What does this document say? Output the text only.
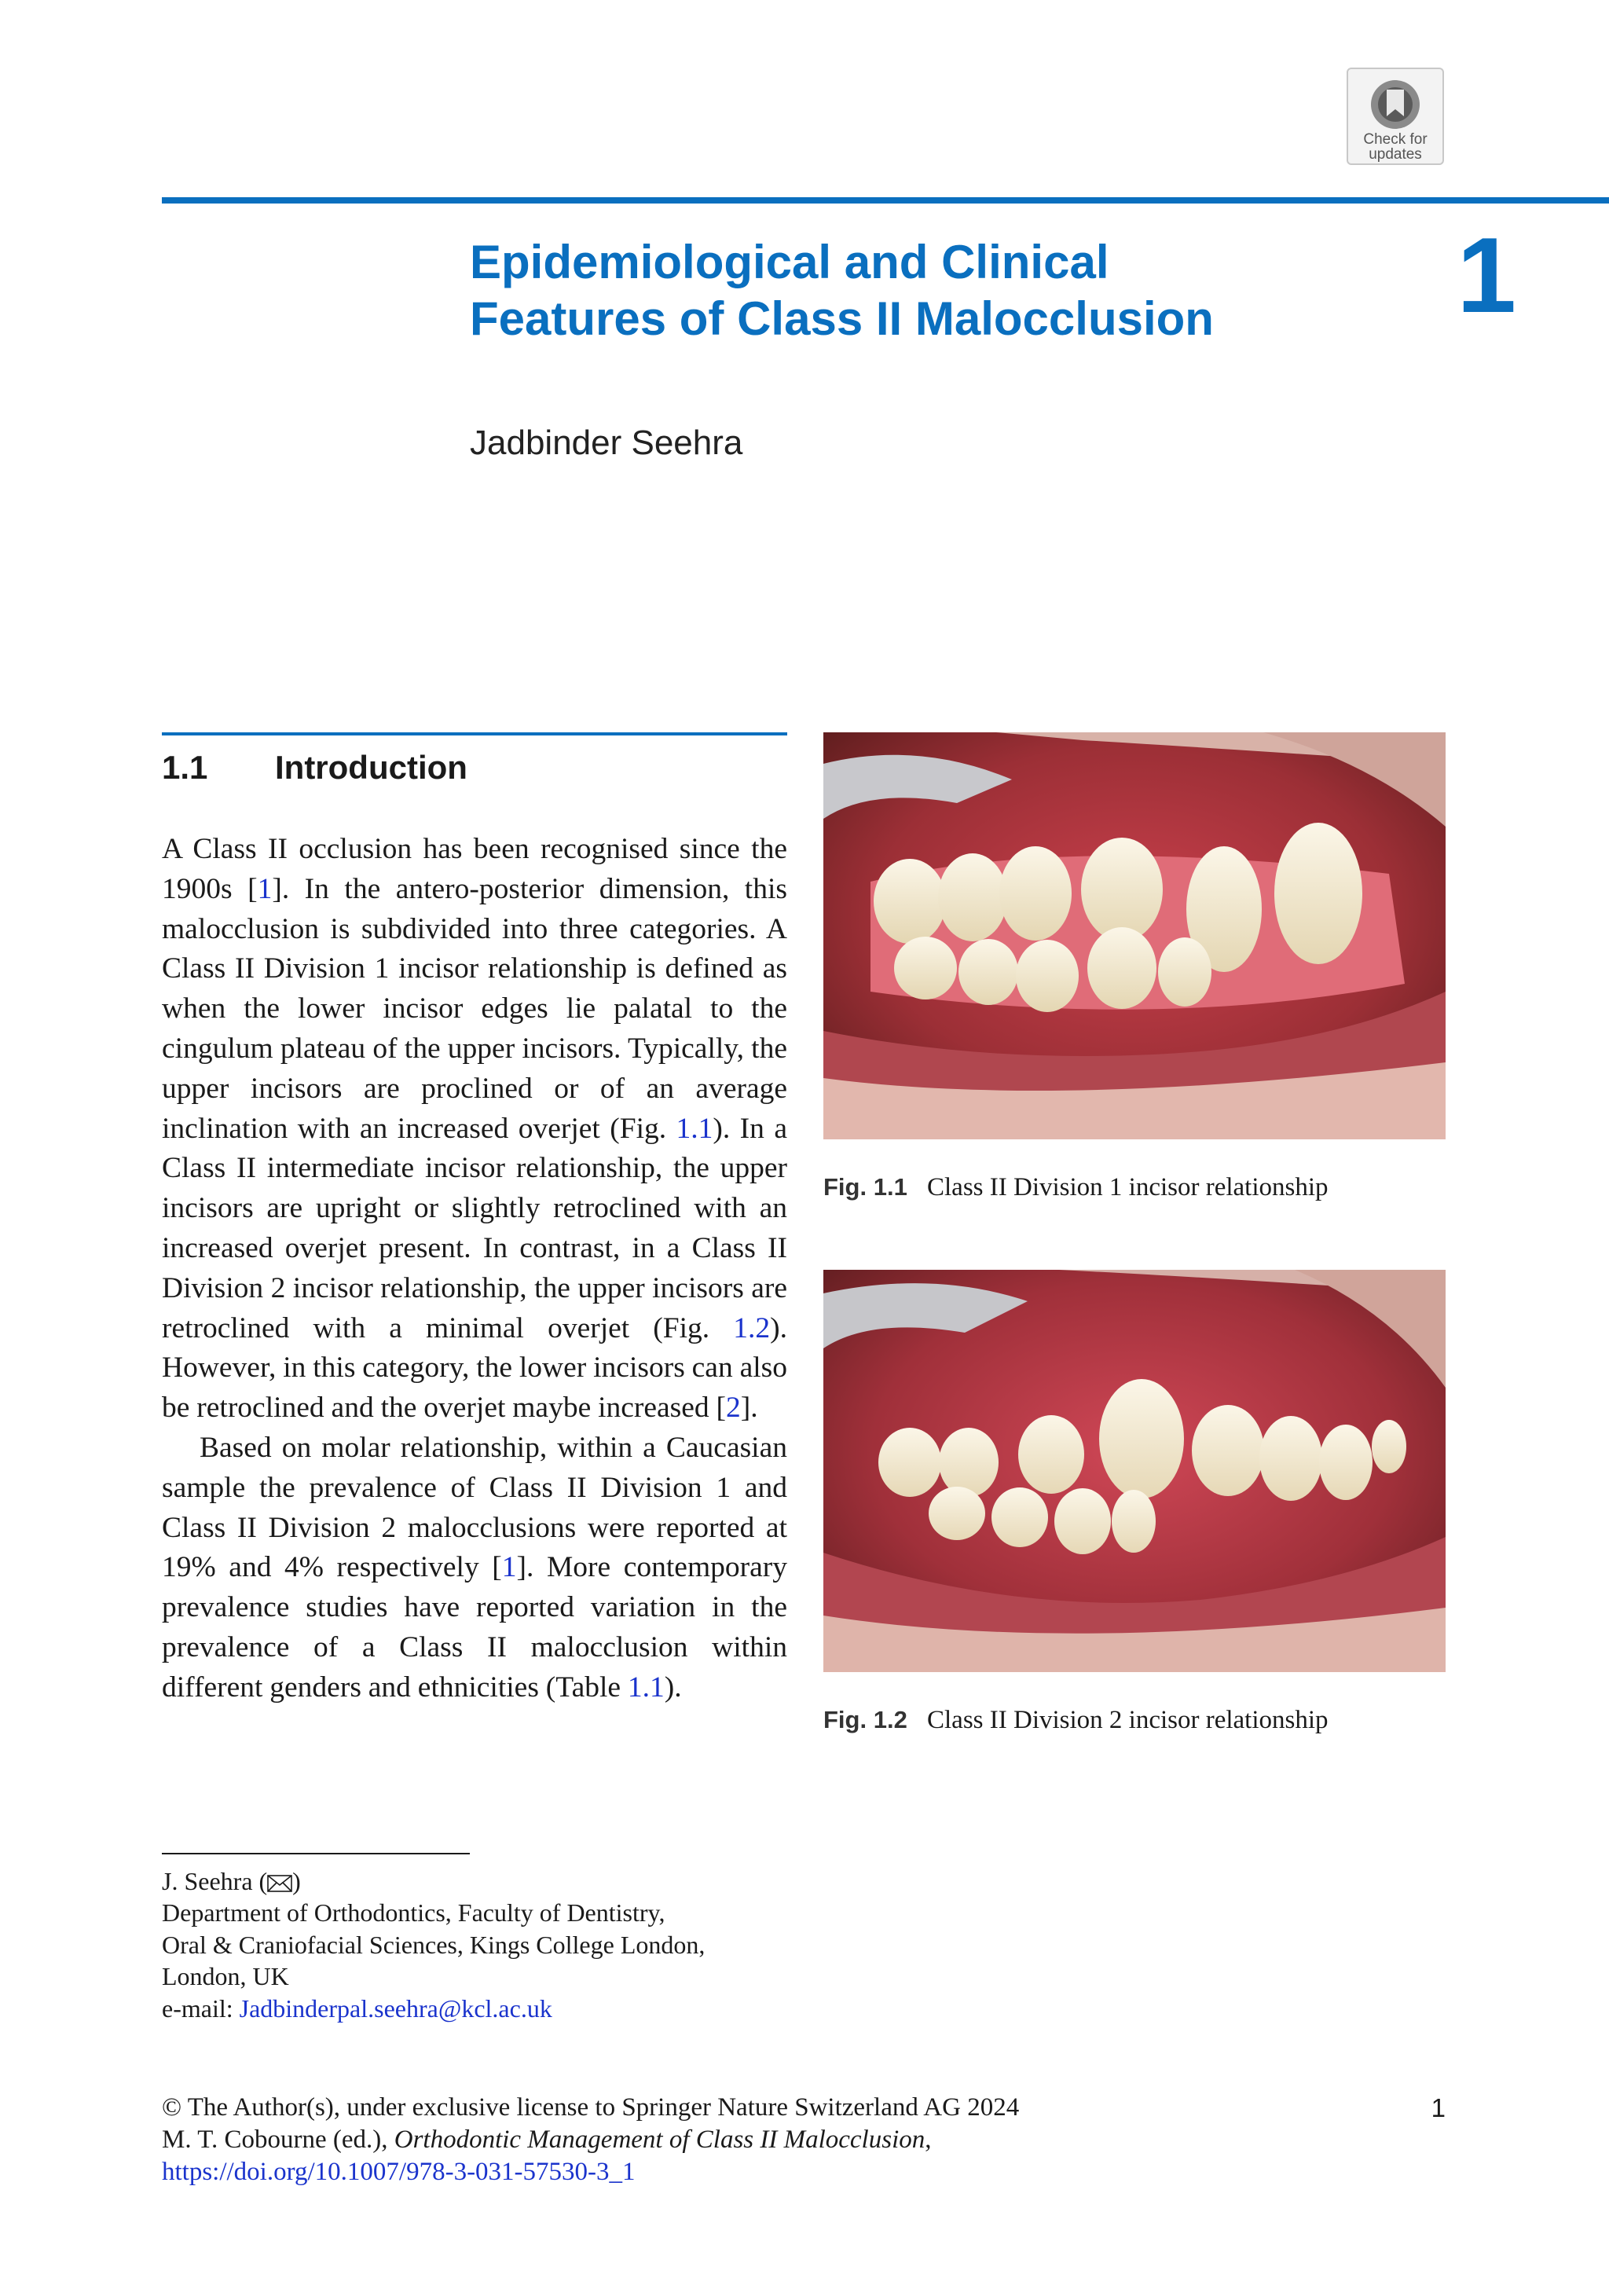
Check for
updates
Epidemiological and Clinical
Features of Class II Malocclusion	1
Jadbinder Seehra
1.1 Introduction

A Class II occlusion has been recognised since the 1900s [1]. In the antero-posterior dimension, this malocclusion is subdivided into three categories. A Class II Division 1 incisor relationship is defined as when the lower incisor edges lie palatal to the cingulum plateau of the upper incisors. Typically, the upper incisors are proclined or of an average inclination with an increased overjet (Fig. 1.1). In a Class II intermediate incisor relationship, the upper incisors are upright or slightly retroclined with an increased overjet present. In contrast, in a Class II Division 2 incisor relationship, the upper incisors are retroclined with a minimal overjet (Fig. 1.2). However, in this category, the lower incisors can also be retroclined and the overjet maybe increased [2].

Based on molar relationship, within a Caucasian sample the prevalence of Class II Division 1 and Class II Division 2 malocclusions were reported at 19% and 4% respectively [1]. More contemporary prevalence studies have reported variation in the prevalence of a Class II malocclusion within different genders and ethnicities (Table 1.1).

Fig. 1.1 Class II Division 1 incisor relationship
Fig. 1.2 Class II Division 2 incisor relationship
J. Seehra ( )
Department of Orthodontics, Faculty of Dentistry,
Oral & Craniofacial Sciences, Kings College London,
London, UK
e-mail: Jadbinderpal.seehra@kcl.ac.uk
© The Author(s), under exclusive license to Springer Nature Switzerland AG 2024
M. T. Cobourne (ed.), Orthodontic Management of Class II Malocclusion,
https://doi.org/10.1007/978-3-031-57530-3_1
1
